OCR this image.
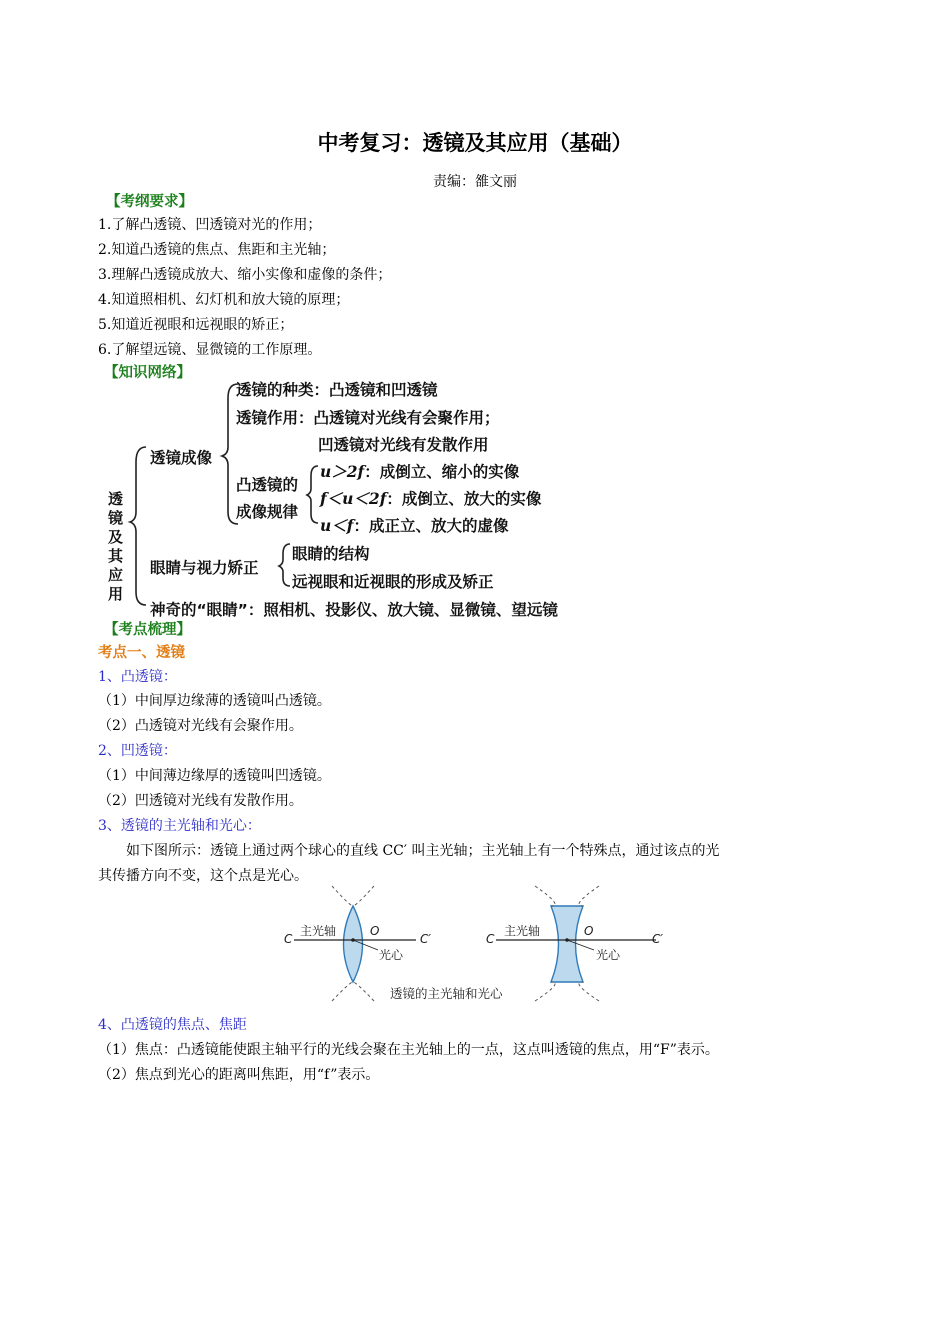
中考复习：透镜及其应用（基础）
责编：雒文丽
【考纲要求】
1.了解凸透镜、凹透镜对光的作用；
2.知道凸透镜的焦点、焦距和主光轴；
3.理解凸透镜成放大、缩小实像和虚像的条件；
4.知道照相机、幻灯机和放大镜的原理；
5.知道近视眼和远视眼的矫正；
6.了解望远镜、显微镜的工作原理。
【知识网络】
透镜及其应用
透镜成像
透镜的种类：凸透镜和凹透镜
透镜作用：凸透镜对光线有会聚作用；
凹透镜对光线有发散作用
凸透镜的
成像规律
u＞2f：成倒立、缩小的实像
f＜u＜2f：成倒立、放大的实像
u＜f：成正立、放大的虚像
眼睛与视力矫正
眼睛的结构
远视眼和近视眼的形成及矫正
神奇的“眼睛”：照相机、投影仪、放大镜、显微镜、望远镜
【考点梳理】
考点一、透镜
1、凸透镜：
（1）中间厚边缘薄的透镜叫凸透镜。
（2）凸透镜对光线有会聚作用。
2、凹透镜：
（1）中间薄边缘厚的透镜叫凹透镜。
（2）凹透镜对光线有发散作用。
3、透镜的主光轴和光心：
如下图所示：透镜上通过两个球心的直线 CC′ 叫主光轴；主光轴上有一个特殊点，通过该点的光
其传播方向不变，这个点是光心。
C
主光轴	O
C′
光心
C
主光轴	O
C′
光心
透镜的主光轴和光心
4、凸透镜的焦点、焦距
（1）焦点：凸透镜能使跟主轴平行的光线会聚在主光轴上的一点，这点叫透镜的焦点，用“F”表示。
（2）焦点到光心的距离叫焦距，用“f”表示。
